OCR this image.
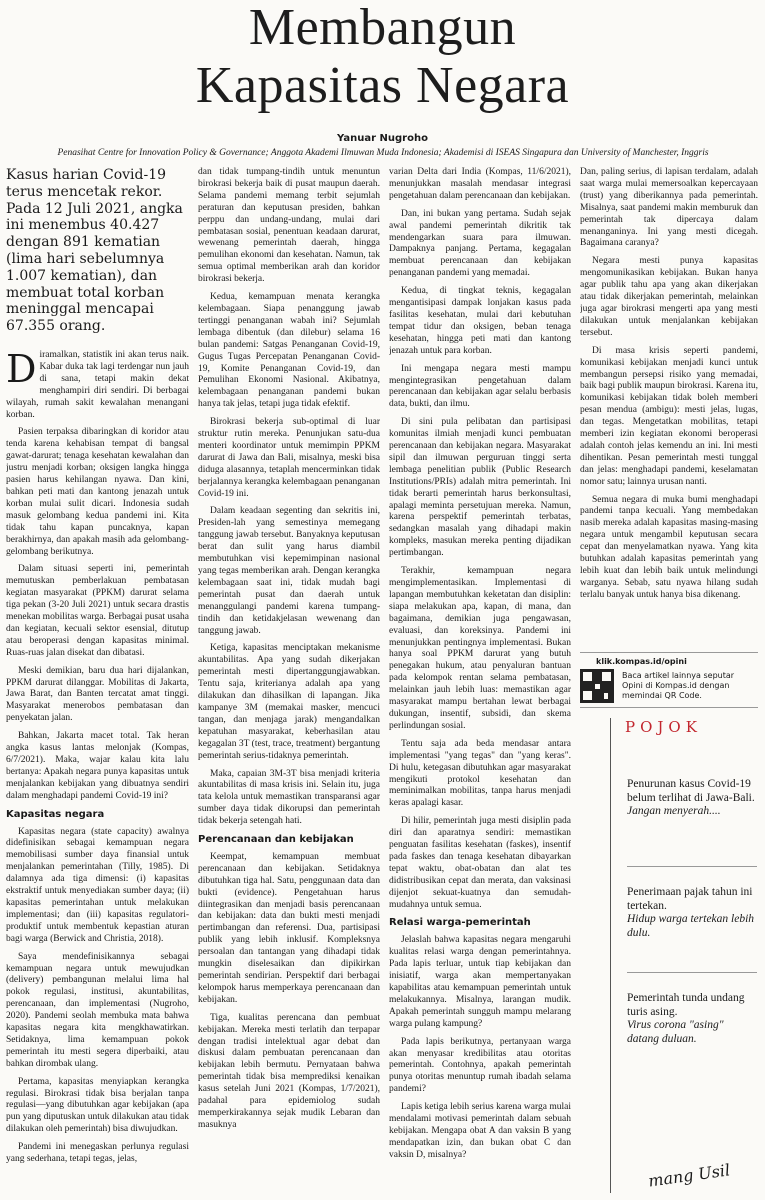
Membangun
Kapasitas Negara
Yanuar Nugroho
Penasihat Centre for Innovation Policy & Governance; Anggota Akademi Ilmuwan Muda Indonesia; Akademisi di ISEAS Singapura dan University of Manchester, Inggris
Kasus harian Covid-19 terus mencetak rekor. Pada 12 Juli 2021, angka ini menembus 40.427 dengan 891 kematian (lima hari sebelumnya 1.007 kematian), dan membuat total korban meninggal mencapai 67.355 orang.

Diramalkan, statistik ini akan terus naik. Kabar duka tak lagi terdengar nun jauh di sana, tetapi makin dekat menghampiri diri sendiri. Di berbagai wilayah, rumah sakit kewalahan menangani korban.

Pasien terpaksa dibaringkan di koridor atau tenda karena kehabisan tempat di bangsal gawat-darurat; tenaga kesehatan kewalahan dan justru menjadi korban; oksigen langka hingga pasien harus kehilangan nyawa. Dan kini, bahkan peti mati dan kantong jenazah untuk korban mulai sulit dicari. Indonesia sudah masuk gelombang kedua pandemi ini. Kita tidak tahu kapan puncaknya, kapan berakhirnya, dan apakah masih ada gelombang-gelombang berikutnya.

Dalam situasi seperti ini, pemerintah memutuskan pemberlakuan pembatasan kegiatan masyarakat (PPKM) darurat selama tiga pekan (3-20 Juli 2021) untuk secara drastis menekan mobilitas warga. Berbagai pusat usaha dan kegiatan, kecuali sektor esensial, ditutup atau beroperasi dengan kapasitas minimal. Ruas-ruas jalan disekat dan dibatasi.

Meski demikian, baru dua hari dijalankan, PPKM darurat dilanggar. Mobilitas di Jakarta, Jawa Barat, dan Banten tercatat amat tinggi. Masyarakat menerobos pembatasan dan penyekatan jalan.

Bahkan, Jakarta macet total. Tak heran angka kasus lantas melonjak (Kompas, 6/7/2021). Maka, wajar kalau kita lalu bertanya: Apakah negara punya kapasitas untuk menjalankan kebijakan yang dibuatnya sendiri dalam menghadapi pandemi Covid-19 ini?

Kapasitas negara

Kapasitas negara (state capacity) awalnya didefinisikan sebagai kemampuan negara memobilisasi sumber daya finansial untuk menjalankan pemerintahan (Tilly, 1985). Di dalamnya ada tiga dimensi: (i) kapasitas ekstraktif untuk menyediakan sumber daya; (ii) kapasitas pemerintahan untuk melakukan implementasi; dan (iii) kapasitas regulatori-produktif untuk membentuk kepastian aturan bagi warga (Berwick and Christia, 2018).

Saya mendefinisikannya sebagai kemampuan negara untuk mewujudkan (delivery) pembangunan melalui lima hal pokok regulasi, institusi, akuntabilitas, perencanaan, dan implementasi (Nugroho, 2020). Pandemi seolah membuka mata bahwa kapasitas negara kita mengkhawatirkan. Setidaknya, lima kemampuan pokok pemerintah itu mesti segera diperbaiki, atau bahkan dirombak ulang.

Pertama, kapasitas menyiapkan kerangka regulasi. Birokrasi tidak bisa berjalan tanpa regulasi—yang dibutuhkan agar kebijakan (apa pun yang diputuskan untuk dilakukan atau tidak dilakukan oleh pemerintah) bisa diwujudkan.

Pandemi ini menegaskan perlunya regulasi yang sederhana, tetapi tegas, jelas,

dan tidak tumpang-tindih untuk menuntun birokrasi bekerja baik di pusat maupun daerah. Selama pandemi memang terbit sejumlah peraturan dan keputusan presiden, bahkan perppu dan undang-undang, mulai dari pembatasan sosial, penentuan keadaan darurat, wewenang pemerintah daerah, hingga pemulihan ekonomi dan kesehatan. Namun, tak semua optimal memberikan arah dan koridor birokrasi bekerja.

Kedua, kemampuan menata kerangka kelembagaan. Siapa penanggung jawab tertinggi penanganan wabah ini? Sejumlah lembaga dibentuk (dan dilebur) selama 16 bulan pandemi: Satgas Penanganan Covid-19, Gugus Tugas Percepatan Penanganan Covid-19, Komite Penanganan Covid-19, dan Pemulihan Ekonomi Nasional. Akibatnya, kelembagaan penanganan pandemi bukan hanya tak jelas, tetapi juga tidak efektif.

Birokrasi bekerja sub-optimal di luar struktur rutin mereka. Penunjukan satu-dua menteri koordinator untuk memimpin PPKM darurat di Jawa dan Bali, misalnya, meski bisa diduga alasannya, tetaplah mencerminkan tidak berjalannya kerangka kelembagaan penanganan Covid-19 ini.

Dalam keadaan segenting dan sekritis ini, Presiden-lah yang semestinya memegang tanggung jawab tersebut. Banyaknya keputusan berat dan sulit yang harus diambil membutuhkan visi kepemimpinan nasional yang tegas memberikan arah. Dengan kerangka kelembagaan saat ini, tidak mudah bagi pemerintah pusat dan daerah untuk menanggulangi pandemi karena tumpang-tindih dan ketidakjelasan wewenang dan tanggung jawab.

Ketiga, kapasitas menciptakan mekanisme akuntabilitas. Apa yang sudah dikerjakan pemerintah mesti dipertanggungjawabkan. Tentu saja, kriterianya adalah apa yang dilakukan dan dihasilkan di lapangan. Jika kampanye 3M (memakai masker, mencuci tangan, dan menjaga jarak) mengandalkan kepatuhan masyarakat, keberhasilan atau kegagalan 3T (test, trace, treatment) bergantung pemerintah serius-tidaknya pemerintah.

Maka, capaian 3M-3T bisa menjadi kriteria akuntabilitas di masa krisis ini. Selain itu, juga tata kelola untuk memastikan transparansi agar sumber daya tidak dikorupsi dan pemerintah tidak bekerja setengah hati.

Perencanaan dan kebijakan

Keempat, kemampuan membuat perencanaan dan kebijakan. Setidaknya dibutuhkan tiga hal. Satu, penggunaan data dan bukti (evidence). Pengetahuan harus diintegrasikan dan menjadi basis perencanaan dan kebijakan: data dan bukti mesti menjadi pertimbangan dan referensi. Dua, partisipasi publik yang lebih inklusif. Kompleksnya persoalan dan tantangan yang dihadapi tidak mungkin diselesaikan dan dipikirkan pemerintah sendirian. Perspektif dari berbagai kelompok harus memperkaya perencanaan dan kebijakan.

Tiga, kualitas perencana dan pembuat kebijakan. Mereka mesti terlatih dan terpapar dengan tradisi intelektual agar debat dan diskusi dalam pembuatan perencanaan dan kebijakan lebih bermutu. Pernyataan bahwa pemerintah tidak bisa memprediksi kenaikan kasus setelah Juni 2021 (Kompas, 1/7/2021), padahal para epidemiolog sudah memperkirakannya sejak mudik Lebaran dan masuknya

varian Delta dari India (Kompas, 11/6/2021), menunjukkan masalah mendasar integrasi pengetahuan dalam perencanaan dan kebijakan.

Dan, ini bukan yang pertama. Sudah sejak awal pandemi pemerintah dikritik tak mendengarkan suara para ilmuwan. Dampaknya panjang. Pertama, kegagalan membuat perencanaan dan kebijakan penanganan pandemi yang memadai.

Kedua, di tingkat teknis, kegagalan mengantisipasi dampak lonjakan kasus pada fasilitas kesehatan, mulai dari kebutuhan tempat tidur dan oksigen, beban tenaga kesehatan, hingga peti mati dan kantong jenazah untuk para korban.

Ini mengapa negara mesti mampu mengintegrasikan pengetahuan dalam perencanaan dan kebijakan agar selalu berbasis data, bukti, dan ilmu.

Di sini pula pelibatan dan partisipasi komunitas ilmiah menjadi kunci pembuatan perencanaan dan kebijakan negara. Masyarakat sipil dan ilmuwan perguruan tinggi serta lembaga penelitian publik (Public Research Institutions/PRIs) adalah mitra pemerintah. Ini tidak berarti pemerintah harus berkonsultasi, apalagi meminta persetujuan mereka. Namun, karena perspektif pemerintah terbatas, sedangkan masalah yang dihadapi makin kompleks, masukan mereka penting dijadikan pertimbangan.

Terakhir, kemampuan negara mengimplementasikan. Implementasi di lapangan membutuhkan keketatan dan disiplin: siapa melakukan apa, kapan, di mana, dan bagaimana, demikian juga pengawasan, evaluasi, dan koreksinya. Pandemi ini menunjukkan pentingnya implementasi. Bukan hanya soal PPKM darurat yang butuh penegakan hukum, atau penyaluran bantuan pada kelompok rentan selama pembatasan, melainkan jauh lebih luas: memastikan agar masyarakat mampu bertahan lewat berbagai dukungan, insentif, subsidi, dan skema perlindungan sosial.

Tentu saja ada beda mendasar antara implementasi "yang tegas" dan "yang keras". Di hulu, ketegasan dibutuhkan agar masyarakat mengikuti protokol kesehatan dan meminimalkan mobilitas, tanpa harus menjadi keras apalagi kasar.

Di hilir, pemerintah juga mesti disiplin pada diri dan aparatnya sendiri: memastikan penguatan fasilitas kesehatan (faskes), insentif pada faskes dan tenaga kesehatan dibayarkan tepat waktu, obat-obatan dan alat tes didistribusikan cepat dan merata, dan vaksinasi dijenjot sekuat-kuatnya dan semudah-mudahnya untuk semua.

Relasi warga-pemerintah

Jelaslah bahwa kapasitas negara mengaruhi kualitas relasi warga dengan pemerintahnya. Pada lapis terluar, untuk tiap kebijakan dan inisiatif, warga akan mempertanyakan kapabilitas atau kemampuan pemerintah untuk melakukannya. Misalnya, larangan mudik. Apakah pemerintah sungguh mampu melarang warga pulang kampung?

Pada lapis berikutnya, pertanyaan warga akan menyasar kredibilitas atau otoritas pemerintah. Contohnya, apakah pemerintah punya otoritas menuntup rumah ibadah selama pandemi?

Lapis ketiga lebih serius karena warga mulai mendalami motivasi pemerintah dalam sebuah kebijakan. Mengapa obat A dan vaksin B yang mendapatkan izin, dan bukan obat C dan vaksin D, misalnya?

Dan, paling serius, di lapisan terdalam, adalah saat warga mulai memersoalkan kepercayaan (trust) yang diberikannya pada pemerintah. Misalnya, saat pandemi makin memburuk dan pemerintah tak dipercaya dalam menanganinya. Ini yang mesti dicegah. Bagaimana caranya?

Negara mesti punya kapasitas mengomunikasikan kebijakan. Bukan hanya agar publik tahu apa yang akan dikerjakan atau tidak dikerjakan pemerintah, melainkan juga agar birokrasi mengerti apa yang mesti dilakukan untuk menjalankan kebijakan tersebut.

Di masa krisis seperti pandemi, komunikasi kebijakan menjadi kunci untuk membangun persepsi risiko yang memadai, baik bagi publik maupun birokrasi. Karena itu, komunikasi kebijakan tidak boleh memberi pesan mendua (ambigu): mesti jelas, lugas, dan tegas. Mengetatkan mobilitas, tetapi memberi izin kegiatan ekonomi beroperasi adalah contoh jelas kemendu an ini. Ini mesti dihentikan. Pesan pemerintah mesti tunggal dan jelas: menghadapi pandemi, keselamatan nomor satu; lainnya urusan nanti.

Semua negara di muka bumi menghadapi pandemi tanpa kecuali. Yang membedakan nasib mereka adalah kapasitas masing-masing negara untuk mengambil keputusan secara cepat dan menyelamatkan nyawa. Yang kita butuhkan adalah kapasitas pemerintah yang lebih kuat dan lebih baik untuk melindungi warganya. Sebab, satu nyawa hilang sudah terlalu banyak untuk hanya bisa dikenang.

klik.kompas.id/opini
Baca artikel lainnya seputar Opini di Kompas.id dengan memindai QR Code.
POJOK
Penurunan kasus Covid-19 belum terlihat di Jawa-Bali.
Jangan menyerah....
Penerimaan pajak tahun ini tertekan.
Hidup warga tertekan lebih dulu.
Pemerintah tunda undang turis asing.
Virus corona "asing" datang duluan.
mang Usil
